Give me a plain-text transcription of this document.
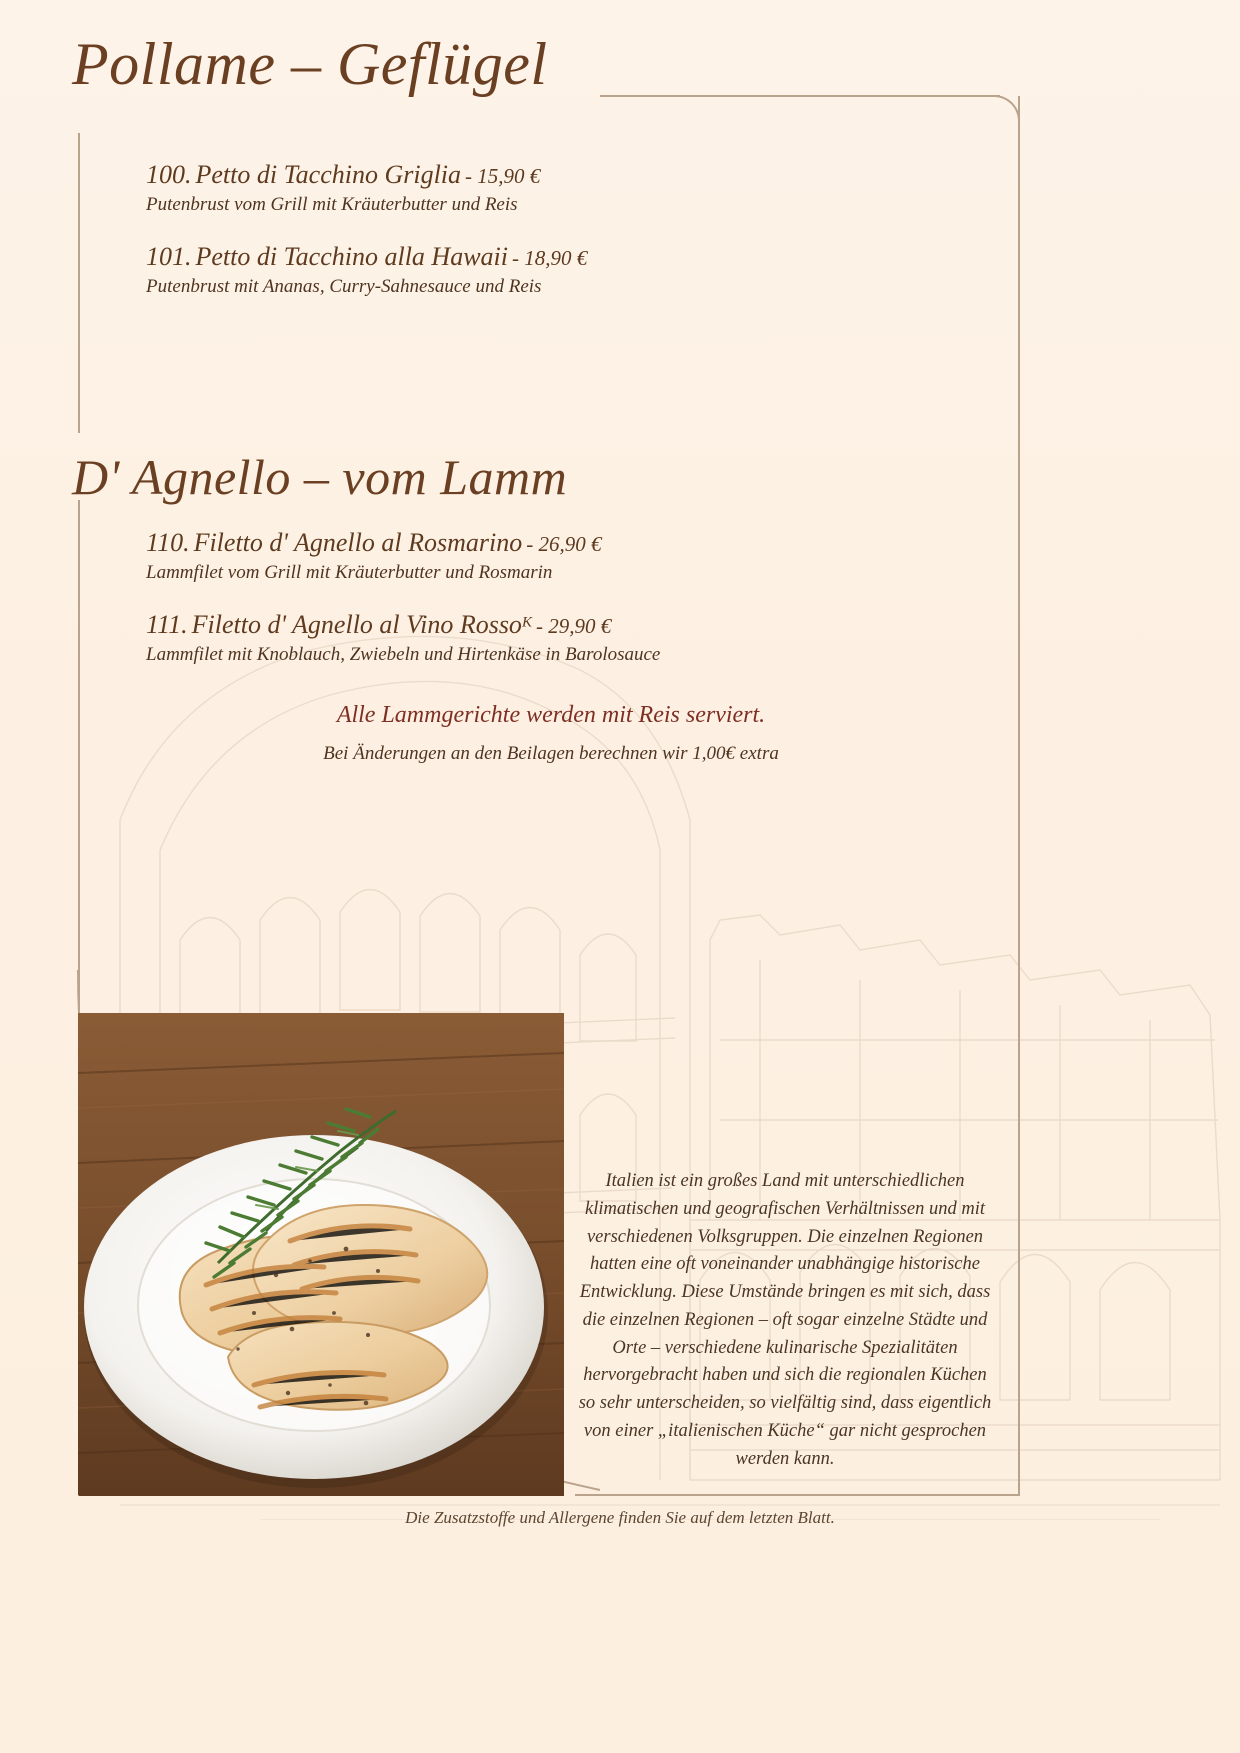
Pollame – Geflügel
D' Agnello – vom Lamm
100. Petto di Tacchino Griglia - 15,90 €
Putenbrust vom Grill mit Kräuterbutter und Reis
101. Petto di Tacchino alla Hawaii - 18,90 €
Putenbrust mit Ananas, Curry-Sahnesauce und Reis
110. Filetto d' Agnello al Rosmarino - 26,90 €
Lammfilet vom Grill mit Kräuterbutter und Rosmarin
111. Filetto d' Agnello al Vino RossoK - 29,90 €
Lammfilet mit Knoblauch, Zwiebeln und Hirtenkäse in Barolosauce
Alle Lammgerichte werden mit Reis serviert.
Bei Änderungen an den Beilagen berechnen wir 1,00€ extra
Italien ist ein großes Land mit unterschiedlichen klimatischen und geografischen Verhältnissen und mit verschiedenen Volksgruppen. Die einzelnen Regionen hatten eine oft voneinander unabhängige historische Entwicklung. Diese Umstände bringen es mit sich, dass die einzelnen Regionen – oft sogar einzelne Städte und Orte – verschiedene kulinarische Spezialitäten hervorgebracht haben und sich die regionalen Küchen so sehr unterscheiden, so vielfältig sind, dass eigentlich von einer „italienischen Küche“ gar nicht gesprochen werden kann.
Die Zusatzstoffe und Allergene finden Sie auf dem letzten Blatt.
